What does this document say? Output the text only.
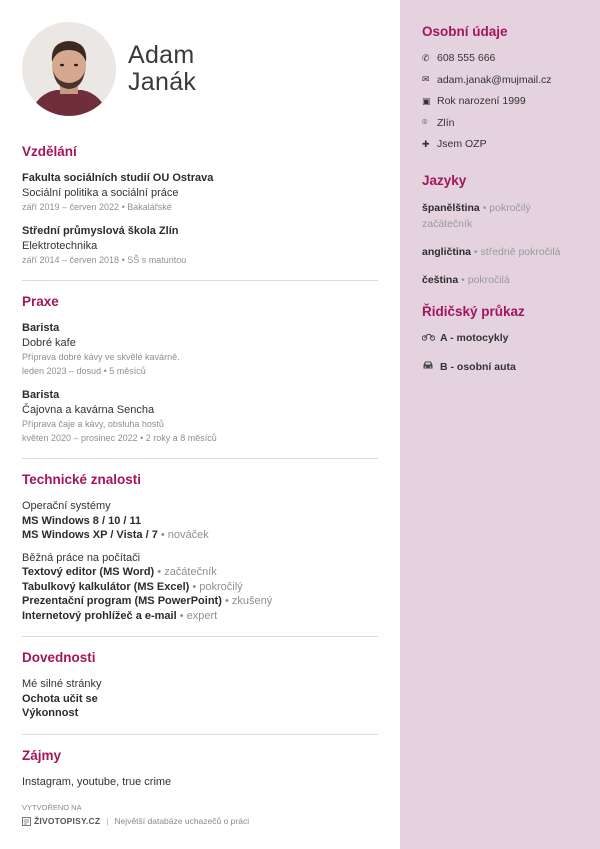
Adam
Janák
Vzdělání
Fakulta sociálních studií OU Ostrava
Sociální politika a sociální práce
září 2019 – červen 2022 • Bakalářské
Střední průmyslová škola Zlín
Elektrotechnika
září 2014 – červen 2018 • SŠ s maturitou
Praxe
Barista
Dobré kafe
Příprava dobré kávy ve skvělé kavárně.
leden 2023 – dosud • 5 měsíců
Barista
Čajovna a kavárna Sencha
Příprava čaje a kávy, obsluha hostů
květen 2020 – prosinec 2022 • 2 roky a 8 měsíců
Technické znalosti
Operační systémy
MS Windows 8 / 10 / 11
MS Windows XP / Vista / 7 • nováček
Běžná práce na počítači
Textový editor (MS Word) • začátečník
Tabulkový kalkulátor (MS Excel) • pokročilý
Prezentační program (MS PowerPoint) • zkušený
Internetový prohlížeč a e-mail • expert
Dovednosti
Mé silné stránky
Ochota učit se
Výkonnost
Zájmy
Instagram, youtube, true crime
VYTVOŘENO NA
ŽIVOTOPISY.CZ | Největší databáze uchazečů o práci
Osobní údaje
✆ 608 555 666
✉ adam.janak@mujmail.cz
▣ Rok narození 1999
⌾ Zlín
✚ Jsem OZP
Jazyky
španělština • pokročilý začátečník
angličtina • středně pokročilá
čeština • pokročilá
Řidičský průkaz
A - motocykly
B - osobní auta
